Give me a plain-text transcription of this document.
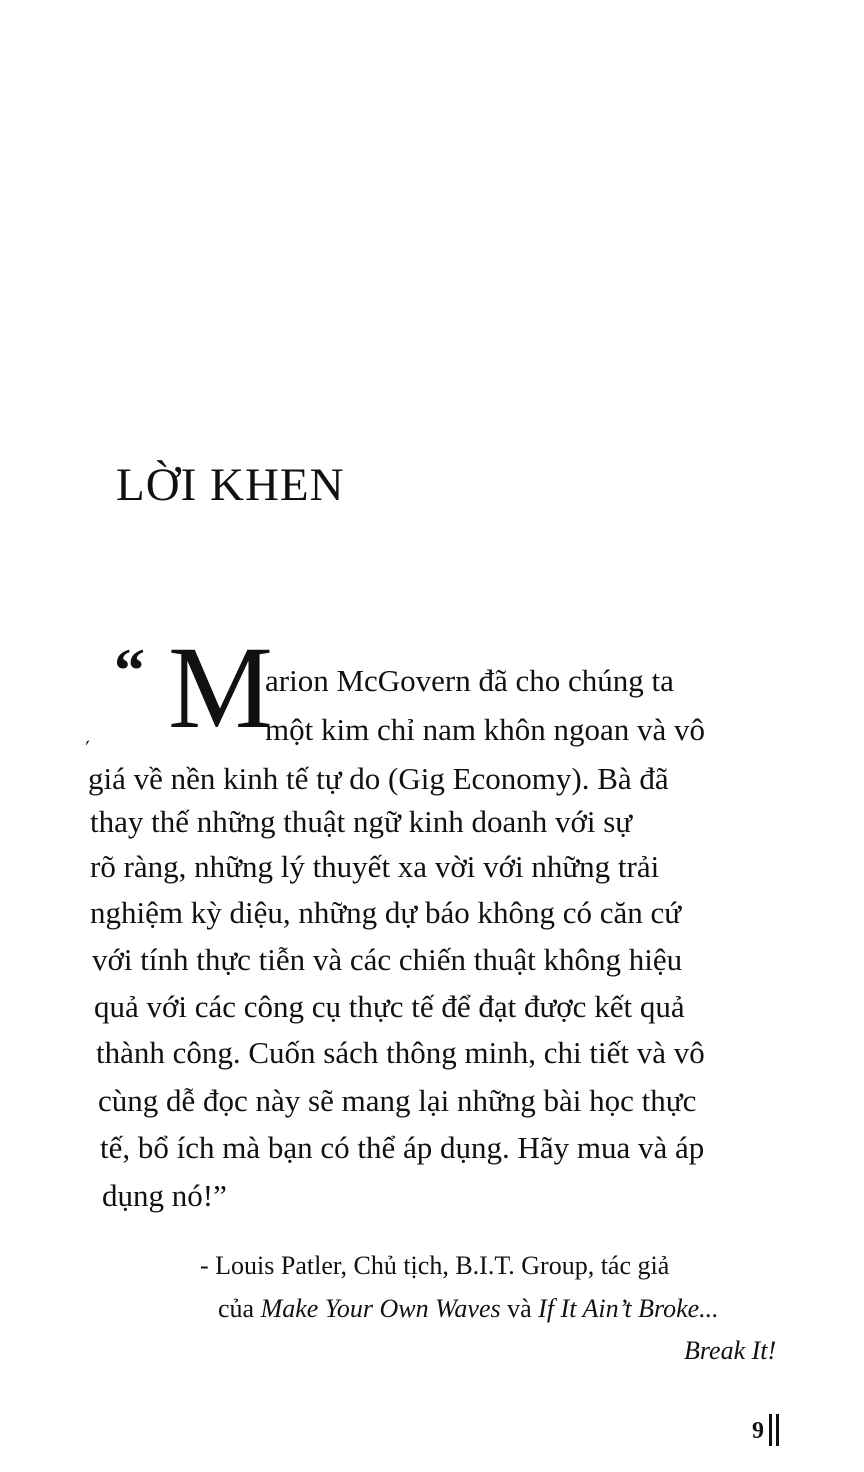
LỜI KHEN
“ M
ˊ
arion McGovern đã cho chúng ta
một kim chỉ nam khôn ngoan và vô
giá về nền kinh tế tự do (Gig Economy). Bà đã
thay thế những thuật ngữ kinh doanh với sự
rõ ràng, những lý thuyết xa vời với những trải
nghiệm kỳ diệu, những dự báo không có căn cứ
với tính thực tiễn và các chiến thuật không hiệu
quả với các công cụ thực tế để đạt được kết quả
thành công. Cuốn sách thông minh, chi tiết và vô
cùng dễ đọc này sẽ mang lại những bài học thực
tế, bổ ích mà bạn có thể áp dụng. Hãy mua và áp
dụng nó!”
- Louis Patler, Chủ tịch, B.I.T. Group, tác giả
của Make Your Own Waves và If It Ain’t Broke...
Break It!
9
